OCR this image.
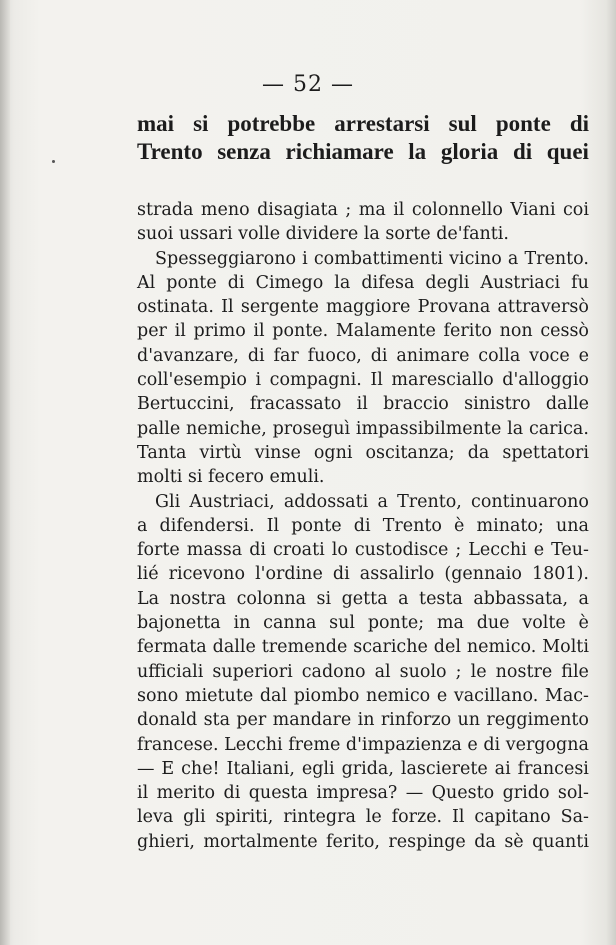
— 52 —
mai si potrebbe arrestarsi sul ponte di
Trento senza richiamare la gloria di quei
strada meno disagiata ; ma il colonnello Viani coi
suoi ussari volle dividere la sorte de'fanti.
Spesseggiarono i combattimenti vicino a Trento.
Al ponte di Cimego la difesa degli Austriaci fu
ostinata. Il sergente maggiore Provana attraversò
per il primo il ponte. Malamente ferito non cessò
d'avanzare, di far fuoco, di animare colla voce e
coll'esempio i compagni. Il maresciallo d'alloggio
Bertuccini, fracassato il braccio sinistro dalle
palle nemiche, proseguì impassibilmente la carica.
Tanta virtù vinse ogni oscitanza; da spettatori
molti si fecero emuli.
Gli Austriaci, addossati a Trento, continuarono
a difendersi. Il ponte di Trento è minato; una
forte massa di croati lo custodisce ; Lecchi e Teu-
lié ricevono l'ordine di assalirlo (gennaio 1801).
La nostra colonna si getta a testa abbassata, a
bajonetta in canna sul ponte; ma due volte è
fermata dalle tremende scariche del nemico. Molti
ufficiali superiori cadono al suolo ; le nostre file
sono mietute dal piombo nemico e vacillano. Mac-
donald sta per mandare in rinforzo un reggimento
francese. Lecchi freme d'impazienza e di vergogna
— E che! Italiani, egli grida, lascierete ai francesi
il merito di questa impresa? — Questo grido sol-
leva gli spiriti, rintegra le forze. Il capitano Sa-
ghieri, mortalmente ferito, respinge da sè quanti
